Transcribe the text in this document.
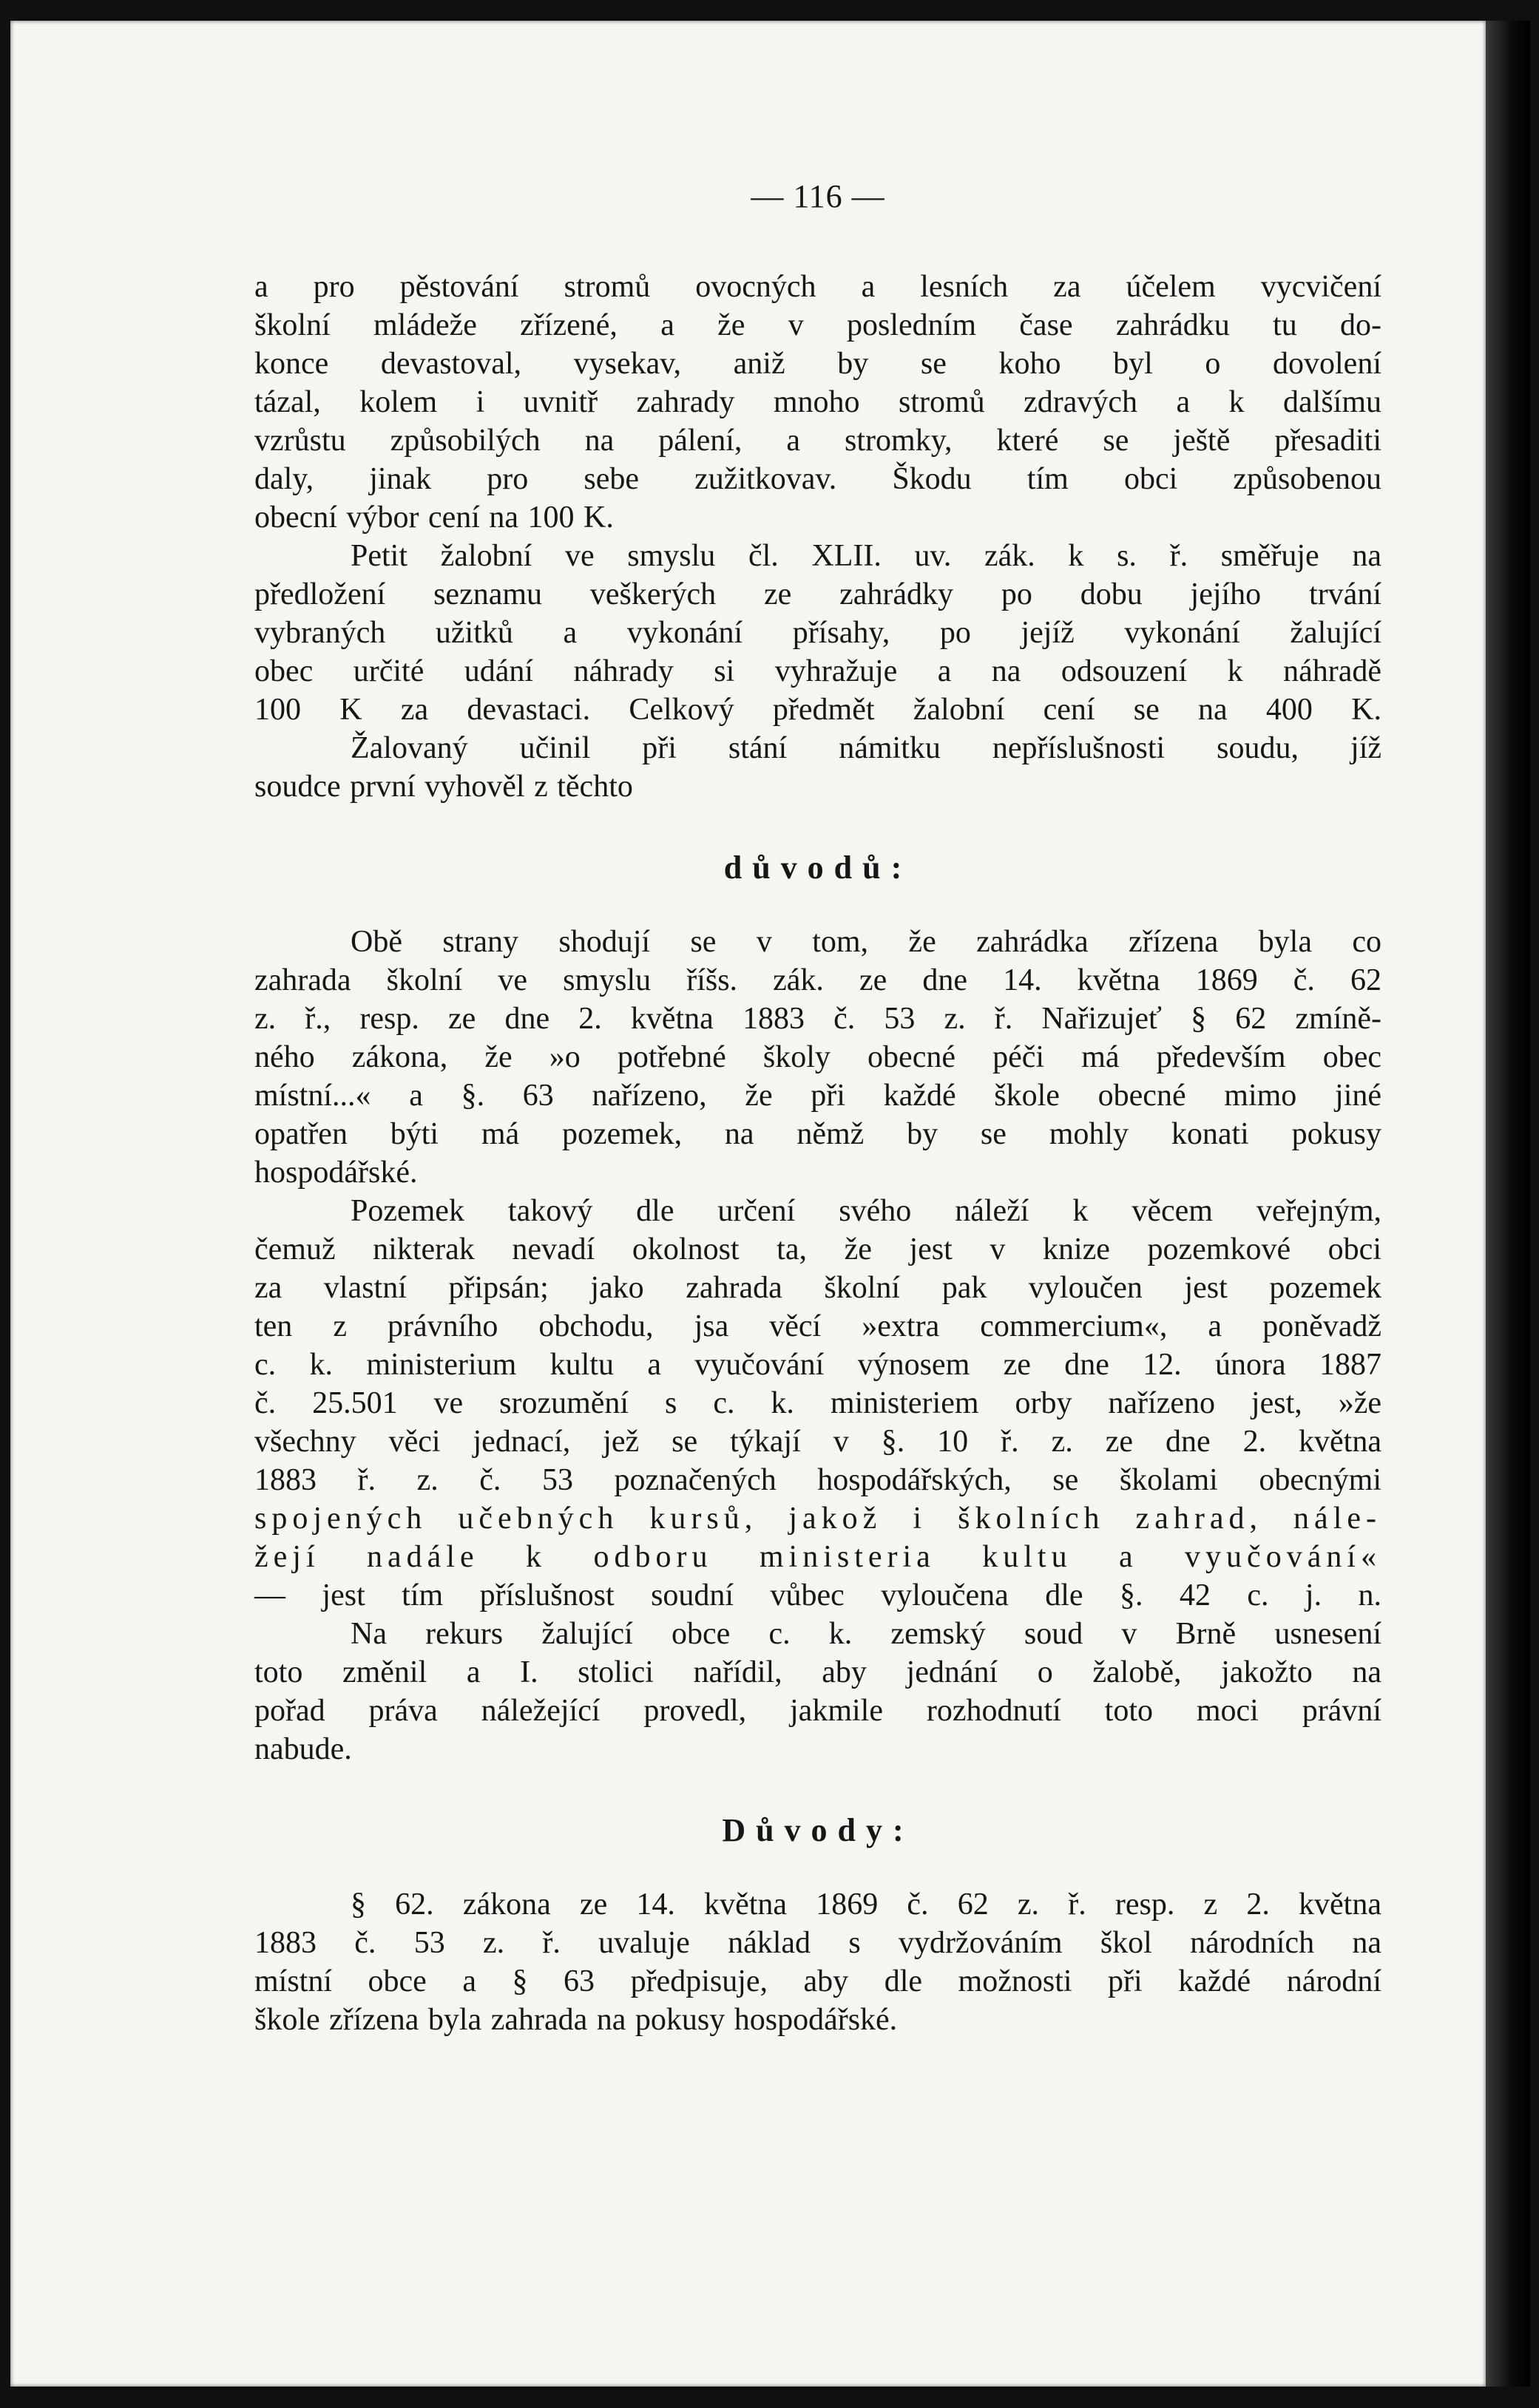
— 116 —
a pro pěstování stromů ovocných a lesních za účelem vycvičení
školní mládeže zřízené, a že v posledním čase zahrádku tu do-
konce devastoval, vysekav, aniž by se koho byl o dovolení
tázal, kolem i uvnitř zahrady mnoho stromů zdravých a k dalšímu
vzrůstu způsobilých na pálení, a stromky, které se ještě přesaditi
daly, jinak pro sebe zužitkovav. Škodu tím obci způsobenou
obecní výbor cení na 100 K.
Petit žalobní ve smyslu čl. XLII. uv. zák. k s. ř. směřuje na
předložení seznamu veškerých ze zahrádky po dobu jejího trvání
vybraných užitků a vykonání přísahy, po jejíž vykonání žalující
obec určité udání náhrady si vyhražuje a na odsouzení k náhradě
100 K za devastaci. Celkový předmět žalobní cení se na 400 K.
Žalovaný učinil při stání námitku nepříslušnosti soudu, jíž
soudce první vyhověl z těchto
důvodů:
Obě strany shodují se v tom, že zahrádka zřízena byla co
zahrada školní ve smyslu říšs. zák. ze dne 14. května 1869 č. 62
z. ř., resp. ze dne 2. května 1883 č. 53 z. ř. Nařizujeť § 62 zmíně-
ného zákona, že »o potřebné školy obecné péči má především obec
místní...« a §. 63 nařízeno, že při každé škole obecné mimo jiné
opatřen býti má pozemek, na němž by se mohly konati pokusy
hospodářské.
Pozemek takový dle určení svého náleží k věcem veřejným,
čemuž nikterak nevadí okolnost ta, že jest v knize pozemkové obci
za vlastní připsán; jako zahrada školní pak vyloučen jest pozemek
ten z právního obchodu, jsa věcí »extra commercium«, a poněvadž
c. k. ministerium kultu a vyučování výnosem ze dne 12. února 1887
č. 25.501 ve srozumění s c. k. ministeriem orby nařízeno jest, »že
všechny věci jednací, jež se týkají v §. 10 ř. z. ze dne 2. května
1883 ř. z. č. 53 poznačených hospodářských, se školami obecnými
spojených učebných kursů, jakož i školních zahrad, nále-
žejí nadále k odboru ministeria kultu a vyučování«
— jest tím příslušnost soudní vůbec vyloučena dle §. 42 c. j. n.
Na rekurs žalující obce c. k. zemský soud v Brně usnesení
toto změnil a I. stolici nařídil, aby jednání o žalobě, jakožto na
pořad práva náležející provedl, jakmile rozhodnutí toto moci právní
nabude.
Důvody:
§ 62. zákona ze 14. května 1869 č. 62 z. ř. resp. z 2. května
1883 č. 53 z. ř. uvaluje náklad s vydržováním škol národních na
místní obce a § 63 předpisuje, aby dle možnosti při každé národní
škole zřízena byla zahrada na pokusy hospodářské.
